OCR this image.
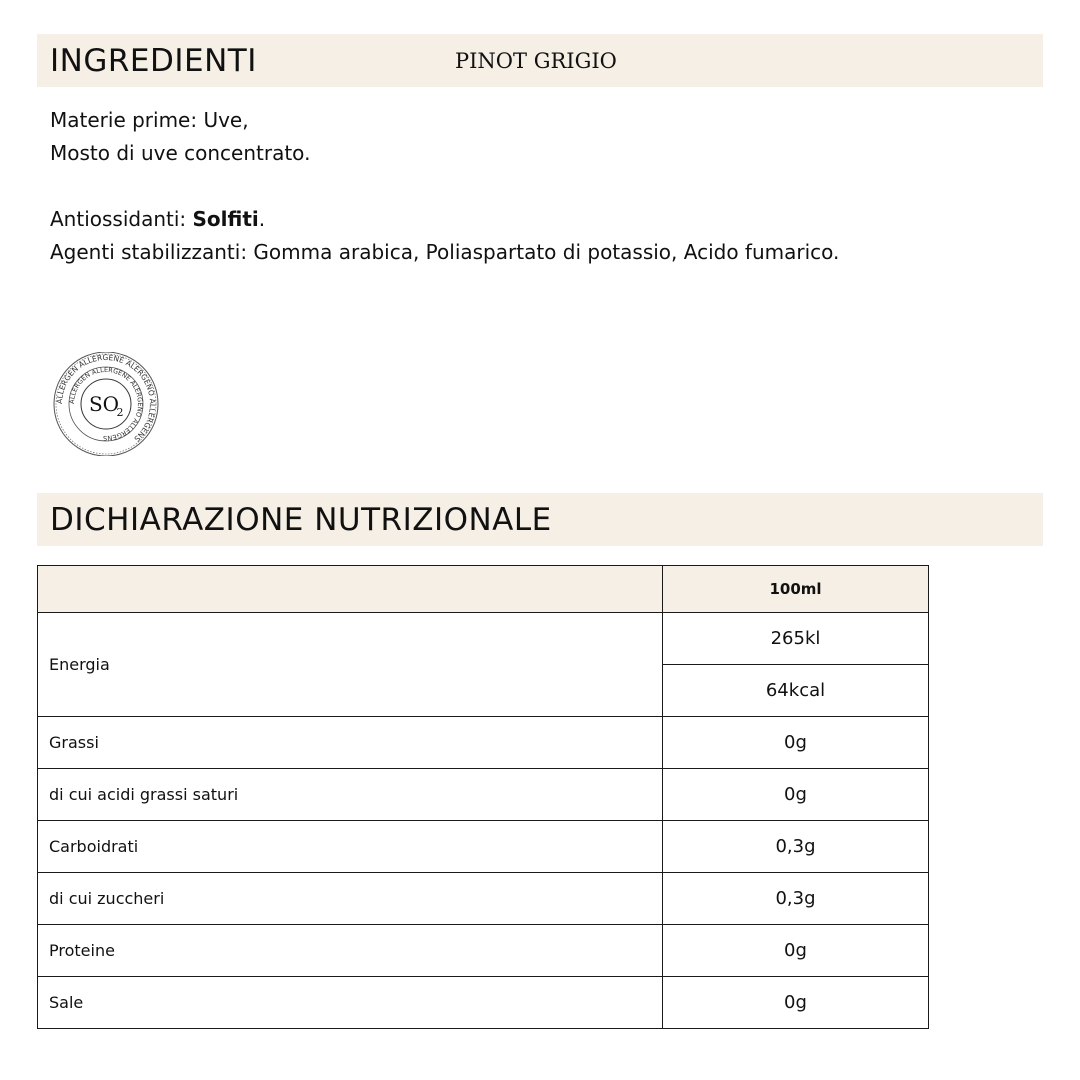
INGREDIENTI	PINOT GRIGIO

Materie prime: Uve,

Mosto di uve concentrato.

Antiossidanti: Solfiti.

Agenti stabilizzanti: Gomma arabica, Poliaspartato di potassio, Acido fumarico.

ALLERGEN ALLERGENE ALERGENO ALLERGENS
ALLERGEN ALLERGENE ALERGENO ALLERGENS
SO
2
DICHIARAZIONE NUTRIZIONALE
	100ml
Energia	265kl
	64kcal
Grassi	0g
di cui acidi grassi saturi	0g
Carboidrati	0,3g
di cui zuccheri	0,3g
Proteine	0g
Sale	0g
